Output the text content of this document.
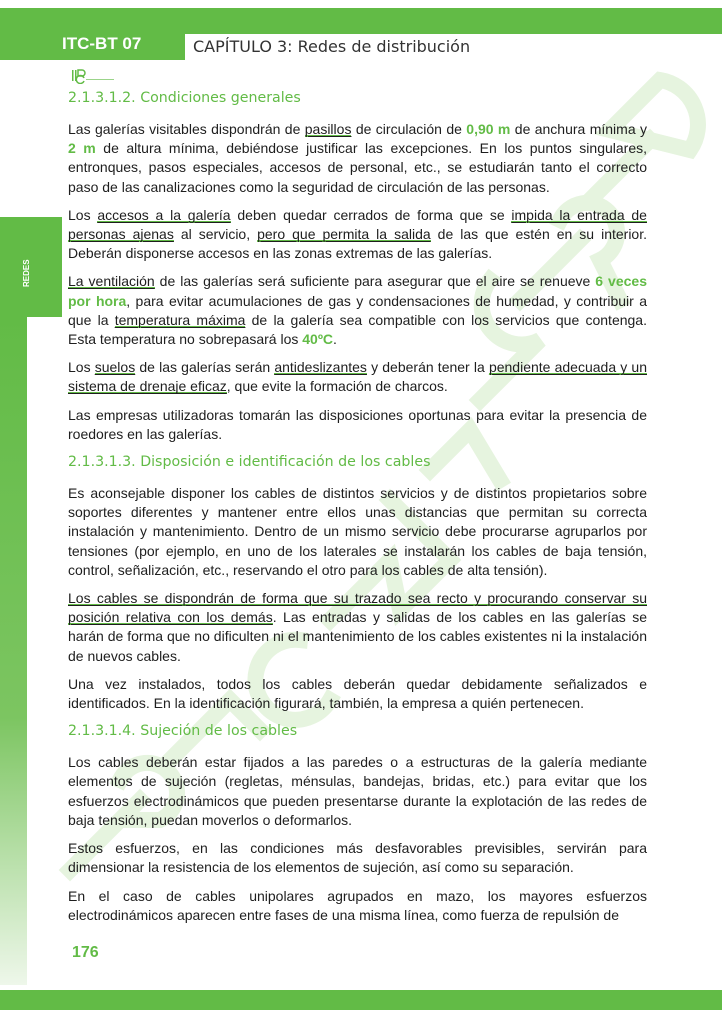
ITC-BT 07	CAPÍTULO 3: Redes de distribución
REDES
2.1.3.1.2. Condiciones generales
Las galerías visitables dispondrán de pasillos de circulación de 0,90 m de anchura mínima y 2 m de altura mínima, debiéndose justificar las excepciones. En los puntos singulares, entronques, pasos especiales, accesos de personal, etc., se estudiarán tanto el correcto paso de las canalizaciones como la seguridad de circulación de las personas.
Los accesos a la galería deben quedar cerrados de forma que se impida la entrada de personas ajenas al servicio, pero que permita la salida de las que estén en su interior. Deberán disponerse accesos en las zonas extremas de las galerías.
La ventilación de las galerías será suficiente para asegurar que el aire se renueve 6 veces por hora, para evitar acumulaciones de gas y condensaciones de humedad, y contribuir a que la temperatura máxima de la galería sea compatible con los servicios que contenga. Esta temperatura no sobrepasará los 40ºC.
Los suelos de las galerías serán antideslizantes y deberán tener la pendiente adecuada y un sistema de drenaje eficaz, que evite la formación de charcos.
Las empresas utilizadoras tomarán las disposiciones oportunas para evitar la presencia de roedores en las galerías.
2.1.3.1.3. Disposición e identificación de los cables
Es aconsejable disponer los cables de distintos servicios y de distintos propietarios sobre soportes diferentes y mantener entre ellos unas distancias que permitan su correcta instalación y mantenimiento. Dentro de un mismo servicio debe procurarse agruparlos por tensiones (por ejemplo, en uno de los laterales se instalarán los cables de baja tensión, control, señalización, etc., reservando el otro para los cables de alta tensión).
Los cables se dispondrán de forma que su trazado sea recto y procurando conservar su posición relativa con los demás. Las entradas y salidas de los cables en las galerías se harán de forma que no dificulten ni el mantenimiento de los cables existentes ni la instalación de nuevos cables.
Una vez instalados, todos los cables deberán quedar debidamente señalizados e identificados. En la identificación figurará, también, la empresa a quién pertenecen.
2.1.3.1.4. Sujeción de los cables
Los cables deberán estar fijados a las paredes o a estructuras de la galería mediante elementos de sujeción (regletas, ménsulas, bandejas, bridas, etc.) para evitar que los esfuerzos electrodinámicos que pueden presentarse durante la explotación de las redes de baja tensión, puedan moverlos o deformarlos.
Estos esfuerzos, en las condiciones más desfavorables previsibles, servirán para dimensionar la resistencia de los elementos de sujeción, así como su separación.
En el caso de cables unipolares agrupados en mazo, los mayores esfuerzos electrodinámicos aparecen entre fases de una misma línea, como fuerza de repulsión de
176
